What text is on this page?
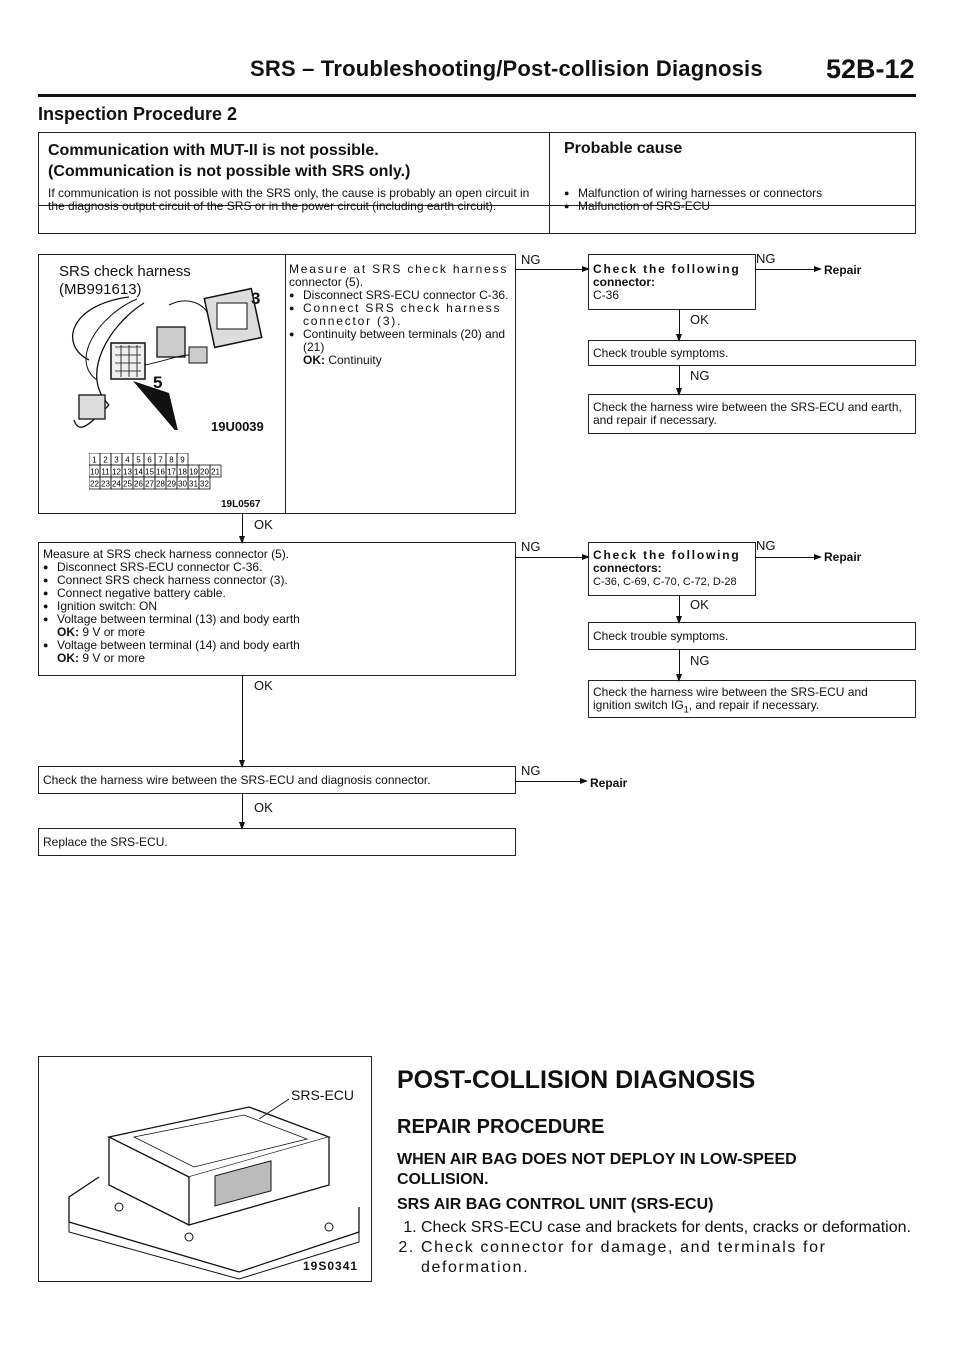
SRS – Troubleshooting/Post-collision Diagnosis 52B-12
Inspection Procedure 2
Communication with MUT-II is not possible.
(Communication is not possible with SRS only.)
Probable cause
If communication is not possible with the SRS only, the cause is probably an open circuit in the diagnosis output circuit of the SRS or in the power circuit (including earth circuit).
● Malfunction of wiring harnesses or connectors
● Malfunction of SRS-ECU
SRS check harness
(MB991613)	3
5
19U0039
1 2 3 4 5 6 7 8 9
10 11 12 13 14 15 16 17 18 19 20 21
22 23 24 25 26 27 28 29 30 31 32
19L0567
Measure at SRS check harness
connector (5).
● Disconnect SRS-ECU connector C-36.
● Connect SRS check harness connector (3).
● Continuity between terminals (20) and (21)
OK: Continuity
NG
Check the following
connector:
C-36
NG
Repair
OK
Check trouble symptoms.
NG
Check the harness wire between the SRS-ECU and earth, and repair if necessary.
OK
Measure at SRS check harness connector (5).
● Disconnect SRS-ECU connector C-36.
● Connect SRS check harness connector (3).
● Connect negative battery cable.
● Ignition switch: ON
● Voltage between terminal (13) and body earth
OK: 9 V or more
● Voltage between terminal (14) and body earth
OK: 9 V or more
NG
Check the following
connectors:
C-36, C-69, C-70, C-72, D-28
NG
Repair
OK
Check trouble symptoms.
NG
Check the harness wire between the SRS-ECU and
ignition switch $IG_1$, and repair if necessary.
OK
Check the harness wire between the SRS-ECU and diagnosis connector.
NG
Repair
OK
Replace the SRS-ECU.
SRS-ECU
19S0341
POST-COLLISION DIAGNOSIS
REPAIR PROCEDURE
WHEN AIR BAG DOES NOT DEPLOY IN LOW-SPEED COLLISION.
SRS AIR BAG CONTROL UNIT (SRS-ECU)
1. Check SRS-ECU case and brackets for dents, cracks or deformation.
2. Check connector for damage, and terminals for deformation.
